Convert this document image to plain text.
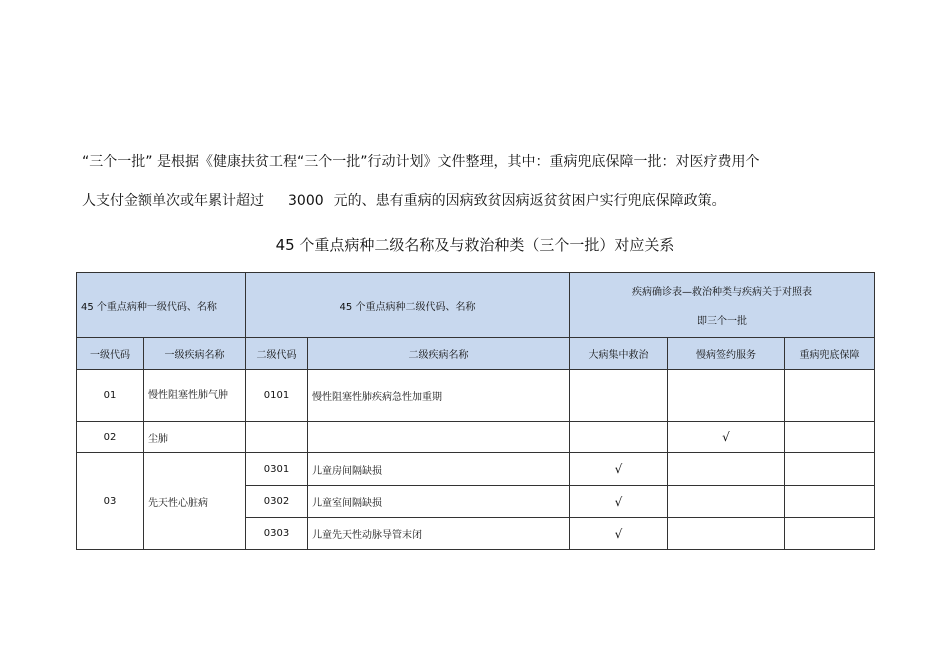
“三个一批” 是根据《健康扶贫工程“三个一批”行动计划》文件整理，其中：重病兜底保障一批：对医疗费用个
人支付金额单次或年累计超过 3000 元的、患有重病的因病致贫因病返贫贫困户实行兜底保障政策。
45 个重点病种二级名称及与救治种类（三个一批）对应关系
45 个重点病种一级代码、名称		45 个重点病种二级代码、名称		疾病确诊表—救治种类与疾病关于对照表
即三个一批		

一级代码	一级疾病名称	二级代码	二级疾病名称	大病集中救治	慢病签约服务	重病兜底保障
01	慢性阻塞性肺气肿	0101	慢性阻塞性肺疾病急性加重期			
02	尘肺				√	
03	先天性心脏病	0301	儿童房间隔缺损	√		
		0302	儿童室间隔缺损	√		
		0303	儿童先天性动脉导管末闭	√		
